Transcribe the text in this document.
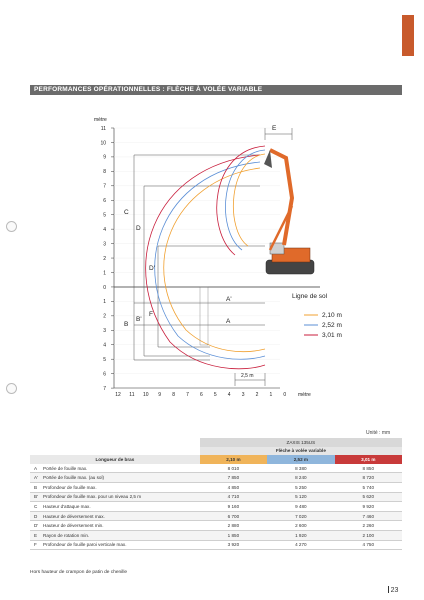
PERFORMANCES OPÉRATIONNELLES : FLÈCHE À VOLÉE VARIABLE
mètre
mètre
11
10
9
8
7
6
5
4
3
2
1
0
1
2
3
4
5
6
7
12 11 10 9 8 7 6 5 4 3 2 1 0
Ligne de sol
E
C
D
D'
F
B
B'
A'
A
2,5 m
2,10 m
2,52 m
3,01 m
Unité : mm
	ZAXIS 135US		
	Flèche à volée variable		
Longueur de bras	2,10 m	2,52 m	3,01 m
A Portée de fouille max.	8 010	8 380	8 850
A' Portée de fouille max. (au sol)	7 850	8 240	8 720
B Profondeur de fouille max.	4 850	5 250	5 740
B' Profondeur de fouille max. pour un niveau 2,5 m	4 710	5 120	5 620
C Hauteur d'attaque max.	9 160	9 480	9 920
D Hauteur de déversement max.	6 700	7 020	7 460
D' Hauteur de déversement min.	2 880	2 600	2 260
E Rayon de rotation min.	1 850	1 920	2 100
F Profondeur de fouille paroi verticale max.	3 920	4 270	4 750
Hors hauteur de crampon de patin de chenille
23
